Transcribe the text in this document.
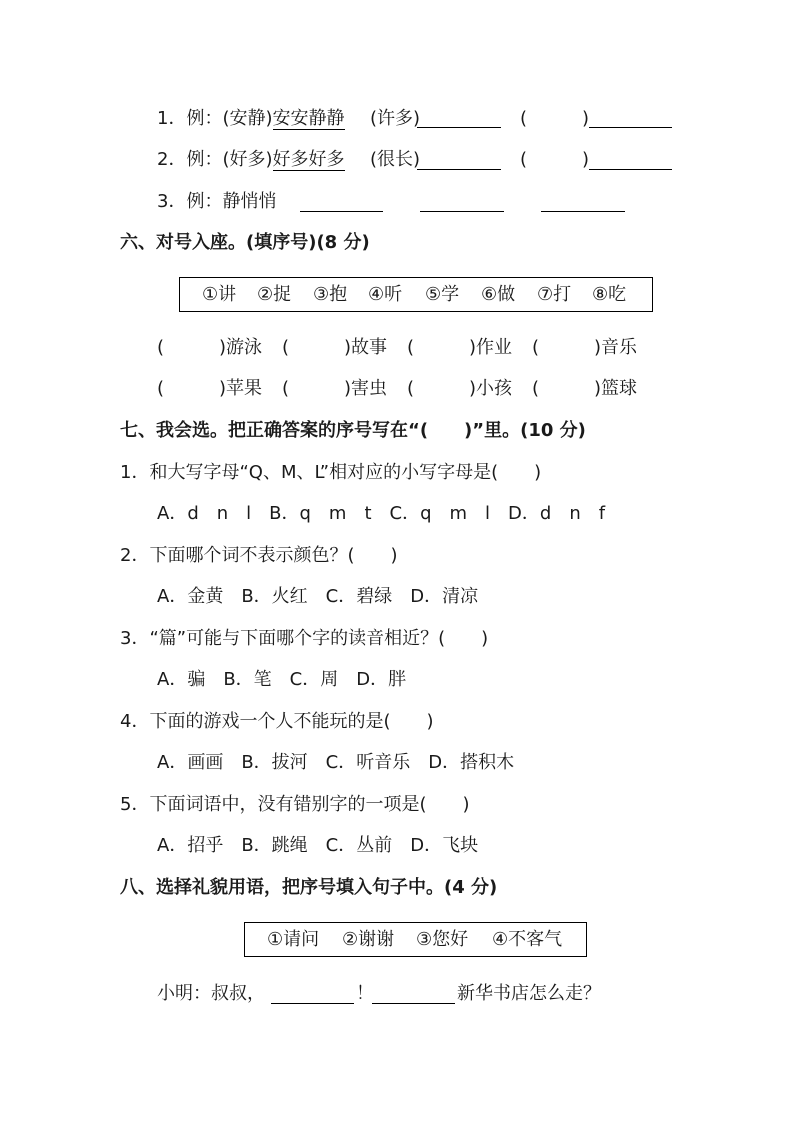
1．例：(安静)安安静静 (许多)	(	)
2．例：(好多)好多好多 (很长)	(	)
3．例：静悄悄
六、对号入座。(填序号)(8 分)
①讲 ②捉 ③抱 ④听 ⑤学 ⑥做 ⑦打 ⑧吃
(	)游泳 (	)故事 (	)作业 (	)音乐
(	)苹果 (	)害虫 (	)小孩 (	)篮球
七、我会选。把正确答案的序号写在“(　　)”里。(10 分)
1．和大写字母“Q、M、L”相对应的小写字母是(　　)
A．d　n　l　B．q　m　t　C．q　m　l　D．d　n　f
2．下面哪个词不表示颜色？(　　)
A．金黄　B．火红　C．碧绿　D．清凉
3．“篇”可能与下面哪个字的读音相近？(　　)
A．骗　B．笔　C．周　D．胖
4．下面的游戏一个人不能玩的是(　　)
A．画画　B．拔河　C．听音乐　D．搭积木
5．下面词语中，没有错别字的一项是(　　)
A．招乎　B．跳绳　C．丛前　D．飞块
八、选择礼貌用语，把序号填入句子中。(4 分)
①请问 ②谢谢 ③您好 ④不客气
小明：叔叔，	！	新华书店怎么走？
